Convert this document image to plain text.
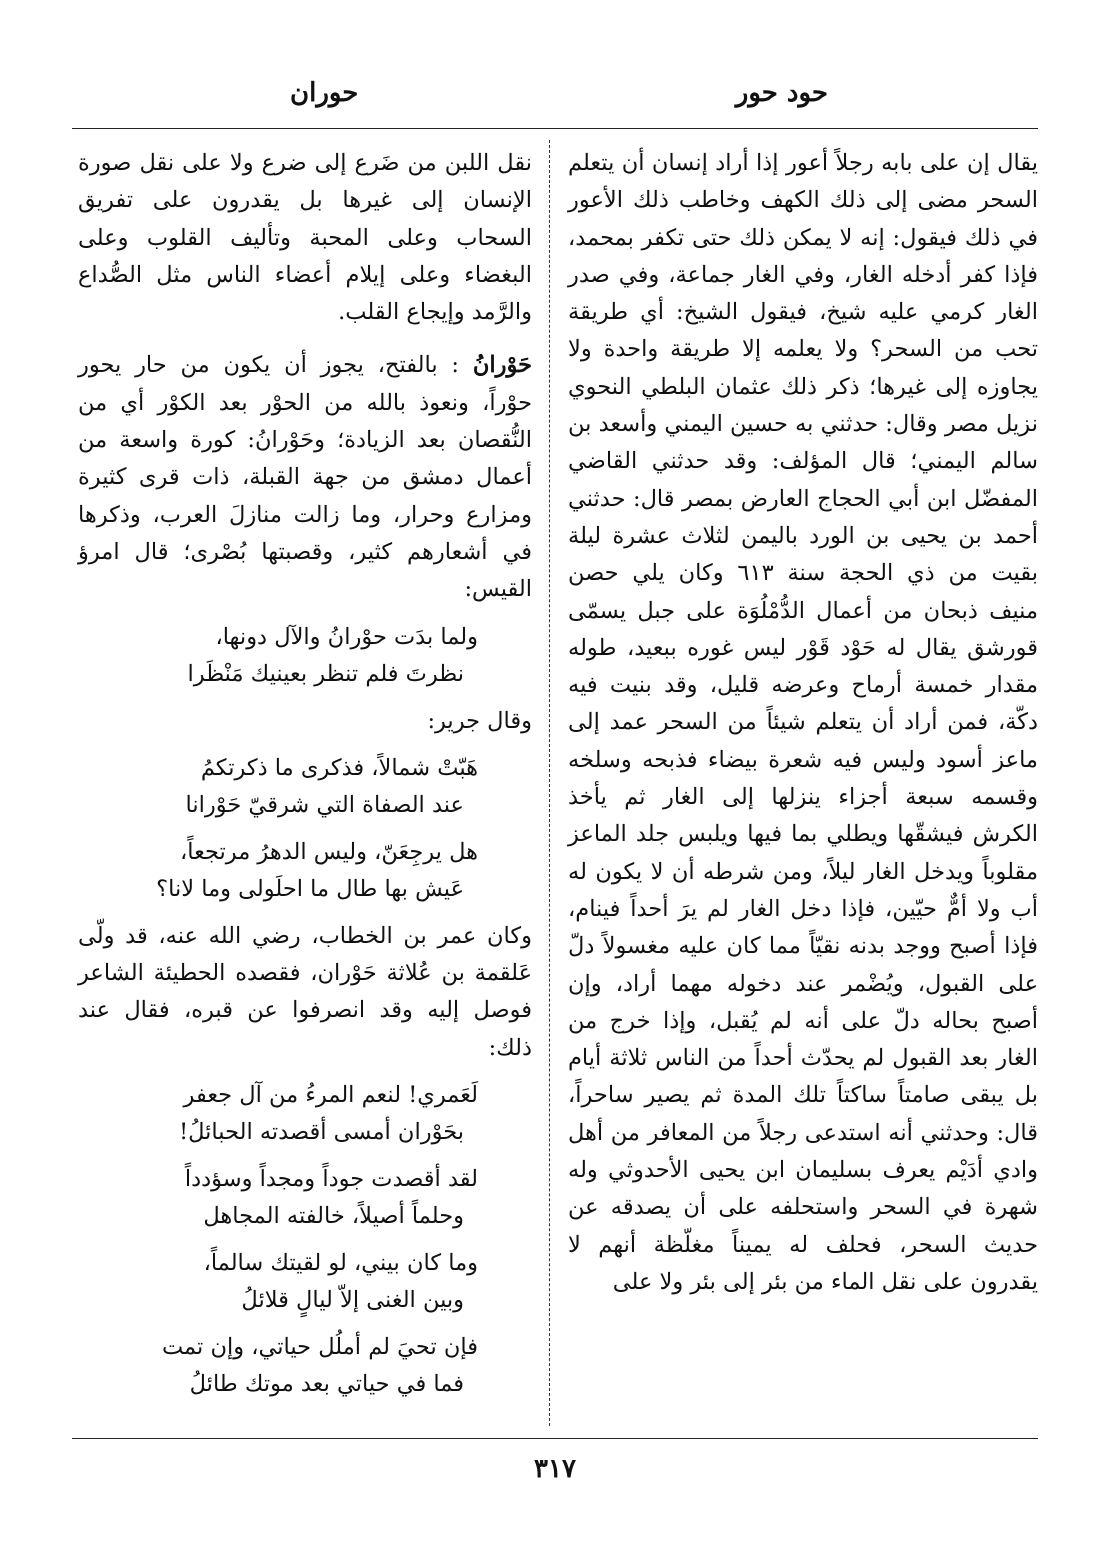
حود حور
حوران

يقال إن على بابه رجلاً أعور إذا أراد إنسان أن يتعلم السحر مضى إلى ذلك الكهف وخاطب ذلك الأعور في ذلك فيقول: إنه لا يمكن ذلك حتى تكفر بمحمد، فإذا كفر أدخله الغار، وفي الغار جماعة، وفي صدر الغار كرمي عليه شيخ، فيقول الشيخ: أي طريقة تحب من السحر؟ ولا يعلمه إلا طريقة واحدة ولا يجاوزه إلى غيرها؛ ذكر ذلك عثمان البلطي النحوي نزيل مصر وقال: حدثني به حسين اليمني وأسعد بن سالم اليمني؛ قال المؤلف: وقد حدثني القاضي المفضّل ابن أبي الحجاج العارض بمصر قال: حدثني أحمد بن يحيى بن الورد باليمن لثلاث عشرة ليلة بقيت من ذي الحجة سنة ٦١٣ وكان يلي حصن منيف ذبحان من أعمال الدُّمْلُوَة على جبل يسمّى قورشق يقال له حَوْد قَوْر ليس غوره ببعيد، طوله مقدار خمسة أرماح وعرضه قليل، وقد بنيت فيه دكّة، فمن أراد أن يتعلم شيئاً من السحر عمد إلى ماعز أسود وليس فيه شعرة بيضاء فذبحه وسلخه وقسمه سبعة أجزاء ينزلها إلى الغار ثم يأخذ الكرش فيشقّها ويطلي بما فيها ويلبس جلد الماعز مقلوباً ويدخل الغار ليلاً، ومن شرطه أن لا يكون له أب ولا أمٌّ حيّين، فإذا دخل الغار لم يرَ أحداً فينام، فإذا أصبح ووجد بدنه نقيّاً مما كان عليه مغسولاً دلّ على القبول، ويُضْمر عند دخوله مهما أراد، وإن أصبح بحاله دلّ على أنه لم يُقبل، وإذا خرج من الغار بعد القبول لم يحدّث أحداً من الناس ثلاثة أيام بل يبقى صامتاً ساكتاً تلك المدة ثم يصير ساحراً، قال: وحدثني أنه استدعى رجلاً من المعافر من أهل وادي أدَيْم يعرف بسليمان ابن يحيى الأحدوثي وله شهرة في السحر واستحلفه على أن يصدقه عن حديث السحر، فحلف له يميناً مغلّظة أنهم لا يقدرون على نقل الماء من بئر إلى بئر ولا على

نقل اللبن من ضَرع إلى ضرع ولا على نقل صورة الإنسان إلى غيرها بل يقدرون على تفريق السحاب وعلى المحبة وتأليف القلوب وعلى البغضاء وعلى إيلام أعضاء الناس مثل الصُّداع والرَّمد وإيجاع القلب.

حَوْرانُ : بالفتح، يجوز أن يكون من حار يحور حوْراً، ونعوذ بالله من الحوْر بعد الكوْر أي من النُّقصان بعد الزيادة؛ وحَوْرانُ: كورة واسعة من أعمال دمشق من جهة القبلة، ذات قرى كثيرة ومزارع وحرار، وما زالت منازلَ العرب، وذكرها في أشعارهم كثير، وقصبتها بُصْرى؛ قال امرؤ القيس:

ولما بدَت حوْرانُ والآل دونها،
نظرتَ فلم تنظر بعينيك مَنْظَرا

وقال جرير:

هَبّتْ شمالاً، فذكرى ما ذكرتكمُ
عند الصفاة التي شرقيّ حَوْرانا
هل يرجِعَنّ، وليس الدهرُ مرتجعاً،
عَيش بها طال ما احلَولى وما لانا؟

وكان عمر بن الخطاب، رضي الله عنه، قد ولّى عَلقمة بن عُلاثة حَوْران، فقصده الحطيئة الشاعر فوصل إليه وقد انصرفوا عن قبره، فقال عند ذلك:

لَعَمري! لنعم المرءُ من آل جعفر
بحَوْران أمسى أقصدته الحبائلُ!
لقد أقصدت جوداً ومجداً وسؤدداً
وحلماً أصيلاً، خالفته المجاهل
وما كان بيني، لو لقيتك سالماً،
وبين الغنى إلاّ ليالٍ قلائلُ
فإن تحيَ لم أملُل حياتي، وإن تمت
فما في حياتي بعد موتك طائلُ
٣١٧
